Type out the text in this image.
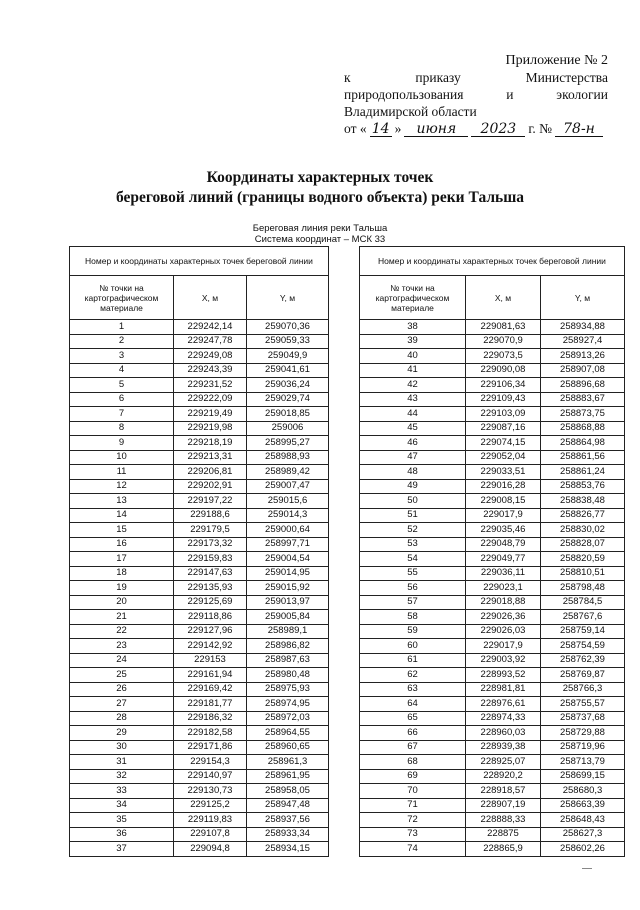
Приложение № 2
к	приказу	Министерства
природопользования	и	экологии
Владимирской области
от « 14 »	июня	2023 г. № 78-н
Координаты характерных точек
береговой линий (границы водного объекта) реки Тальша
Береговая линия реки Тальша
Система координат – МСК 33
Номер и координаты характерных точек береговой линии		
№ точки на картографическом материале	X, м	Y, м
1	229242,14	259070,36
2	229247,78	259059,33
3	229249,08	259049,9
4	229243,39	259041,61
5	229231,52	259036,24
6	229222,09	259029,74
7	229219,49	259018,85
8	229219,98	259006
9	229218,19	258995,27
10	229213,31	258988,93
11	229206,81	258989,42
12	229202,91	259007,47
13	229197,22	259015,6
14	229188,6	259014,3
15	229179,5	259000,64
16	229173,32	258997,71
17	229159,83	259004,54
18	229147,63	259014,95
19	229135,93	259015,92
20	229125,69	259013,97
21	229118,86	259005,84
22	229127,96	258989,1
23	229142,92	258986,82
24	229153	258987,63
25	229161,94	258980,48
26	229169,42	258975,93
27	229181,77	258974,95
28	229186,32	258972,03
29	229182,58	258964,55
30	229171,86	258960,65
31	229154,3	258961,3
32	229140,97	258961,95
33	229130,73	258958,05
34	229125,2	258947,48
35	229119,83	258937,56
36	229107,8	258933,34
37	229094,8	258934,15
Номер и координаты характерных точек береговой линии		
№ точки на картографическом материале	X, м	Y, м
38	229081,63	258934,88
39	229070,9	258927,4
40	229073,5	258913,26
41	229090,08	258907,08
42	229106,34	258896,68
43	229109,43	258883,67
44	229103,09	258873,75
45	229087,16	258868,88
46	229074,15	258864,98
47	229052,04	258861,56
48	229033,51	258861,24
49	229016,28	258853,76
50	229008,15	258838,48
51	229017,9	258826,77
52	229035,46	258830,02
53	229048,79	258828,07
54	229049,77	258820,59
55	229036,11	258810,51
56	229023,1	258798,48
57	229018,88	258784,5
58	229026,36	258767,6
59	229026,03	258759,14
60	229017,9	258754,59
61	229003,92	258762,39
62	228993,52	258769,87
63	228981,81	258766,3
64	228976,61	258755,57
65	228974,33	258737,68
66	228960,03	258729,88
67	228939,38	258719,96
68	228925,07	258713,79
69	228920,2	258699,15
70	228918,57	258680,3
71	228907,19	258663,39
72	228888,33	258648,43
73	228875	258627,3
74	228865,9	258602,26
